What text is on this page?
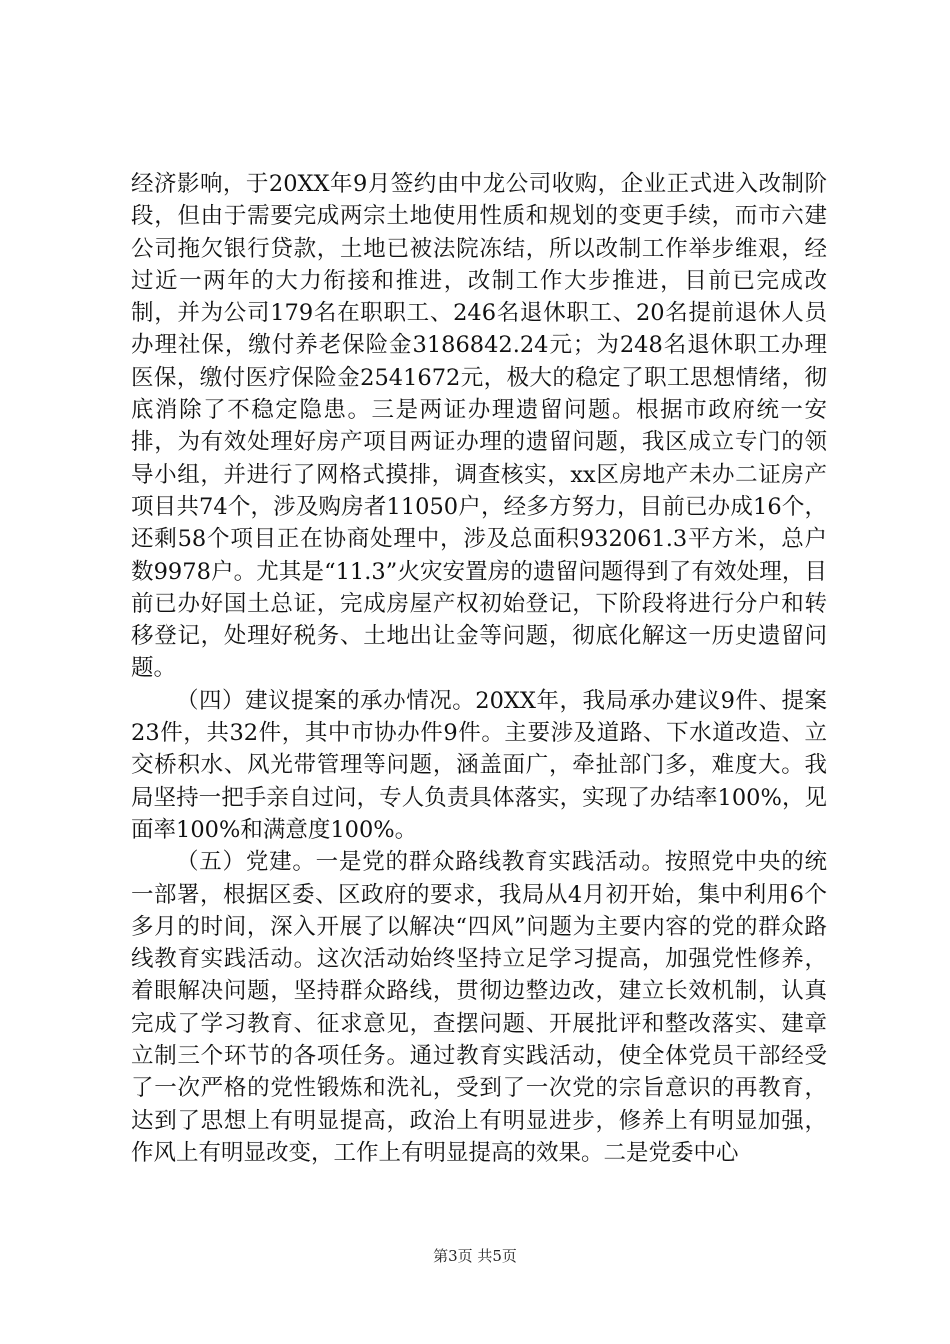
经济影响，于20XX年9月签约由中龙公司收购，企业正式进入改制阶段，但由于需要完成两宗土地使用性质和规划的变更手续，而市六建公司拖欠银行贷款，土地已被法院冻结，所以改制工作举步维艰，经过近一两年的大力衔接和推进，改制工作大步推进，目前已完成改制，并为公司179名在职职工、246名退休职工、20名提前退休人员办理社保，缴付养老保险金3186842.24元；为248名退休职工办理医保，缴付医疗保险金2541672元，极大的稳定了职工思想情绪，彻底消除了不稳定隐患。三是两证办理遗留问题。根据市政府统一安排，为有效处理好房产项目两证办理的遗留问题，我区成立专门的领导小组，并进行了网格式摸排，调查核实，xx区房地产未办二证房产项目共74个，涉及购房者11050户，经多方努力，目前已办成16个，还剩58个项目正在协商处理中，涉及总面积932061.3平方米，总户数9978户。尤其是“11.3”火灾安置房的遗留问题得到了有效处理，目前已办好国土总证，完成房屋产权初始登记，下阶段将进行分户和转移登记，处理好税务、土地出让金等问题，彻底化解这一历史遗留问题。

（四）建议提案的承办情况。20XX年，我局承办建议9件、提案23件，共32件，其中市协办件9件。主要涉及道路、下水道改造、立交桥积水、风光带管理等问题，涵盖面广，牵扯部门多，难度大。我局坚持一把手亲自过问，专人负责具体落实，实现了办结率100%，见面率100%和满意度100%。

（五）党建。一是党的群众路线教育实践活动。按照党中央的统一部署，根据区委、区政府的要求，我局从4月初开始，集中利用6个多月的时间，深入开展了以解决“四风”问题为主要内容的党的群众路线教育实践活动。这次活动始终坚持立足学习提高，加强党性修养，着眼解决问题，坚持群众路线，贯彻边整边改，建立长效机制，认真完成了学习教育、征求意见，查摆问题、开展批评和整改落实、建章立制三个环节的各项任务。通过教育实践活动，使全体党员干部经受了一次严格的党性锻炼和洗礼，受到了一次党的宗旨意识的再教育，达到了思想上有明显提高，政治上有明显进步，修养上有明显加强，作风上有明显改变，工作上有明显提高的效果。二是党委中心

第3页 共5页
